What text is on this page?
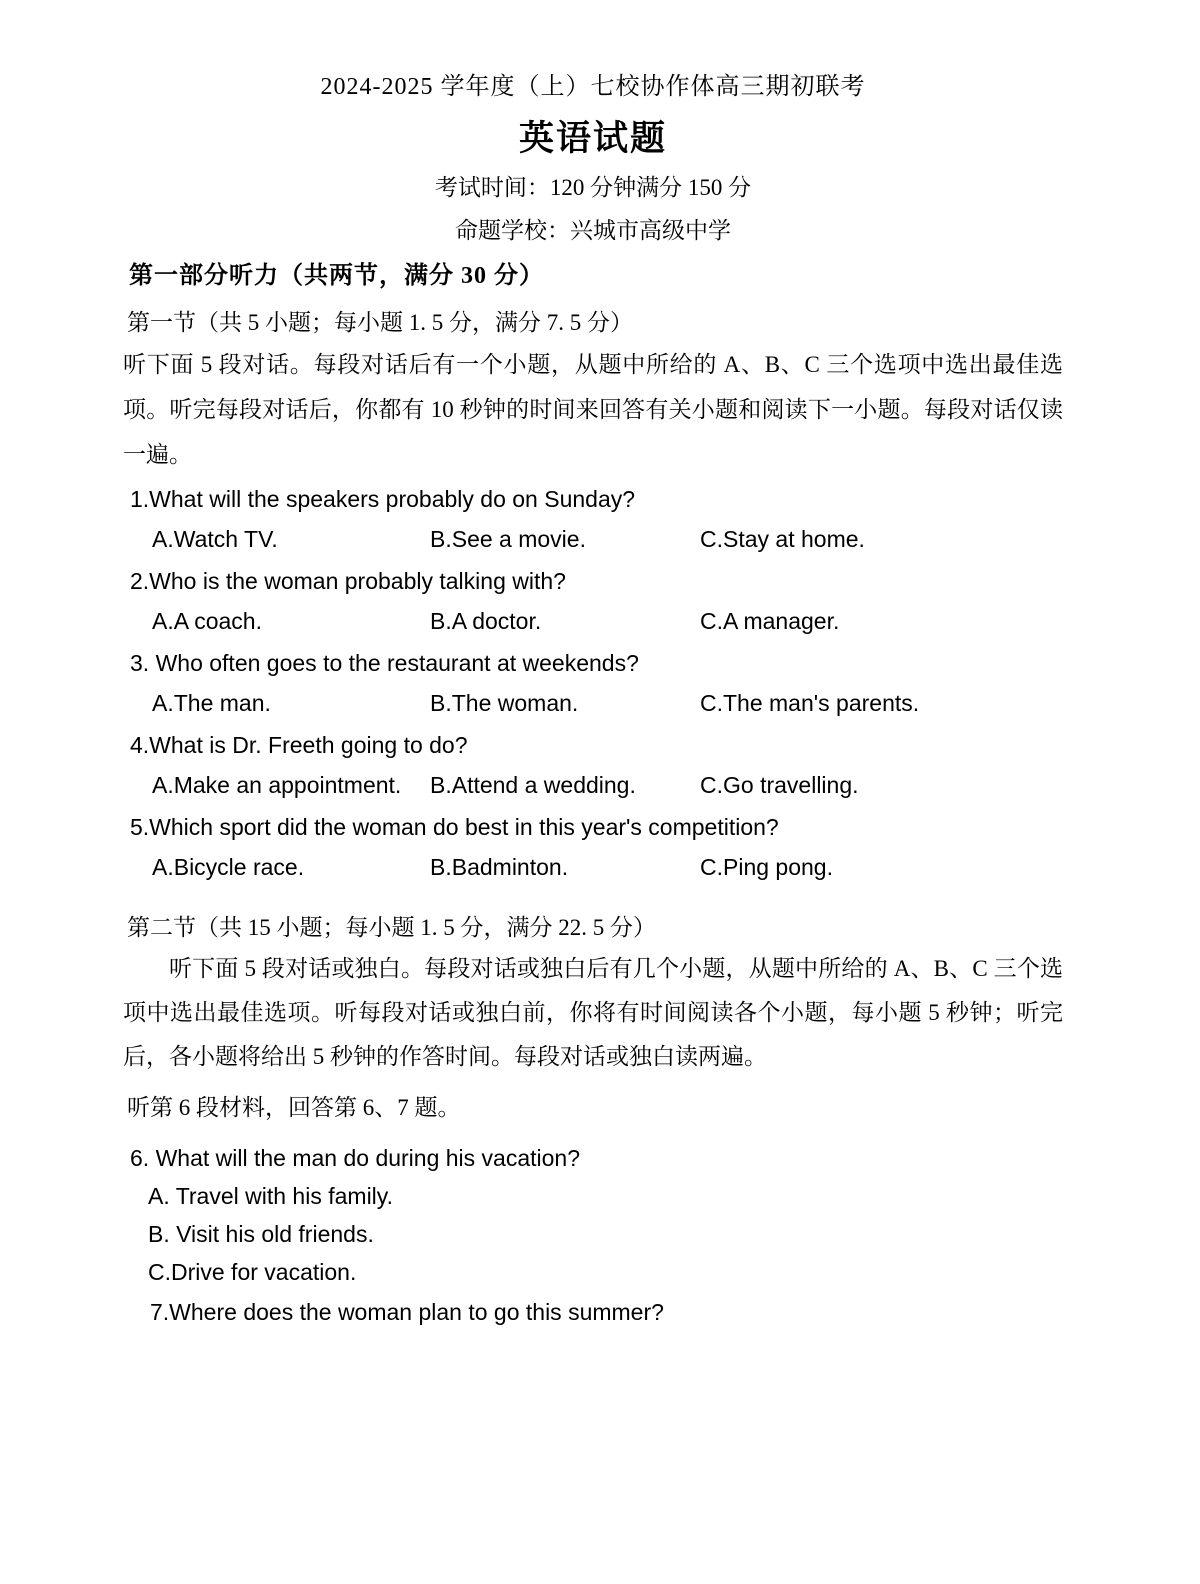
2024-2025 学年度（上）七校协作体高三期初联考
英语试题
考试时间：120 分钟满分 150 分
命题学校：兴城市高级中学
第一部分听力（共两节，满分 30 分）
第一节（共 5 小题；每小题 1. 5 分，满分 7. 5 分）

听下面 5 段对话。每段对话后有一个小题，从题中所给的 A、B、C 三个选项中选出最佳选项。听完每段对话后，你都有 10 秒钟的时间来回答有关小题和阅读下一小题。每段对话仅读一遍。

1.What will the speakers probably do on Sunday?
A.Watch TV.	B.See a movie.	C.Stay at home.
2.Who is the woman probably talking with?
A.A coach.	B.A doctor.	C.A manager.
3. Who often goes to the restaurant at weekends?
A.The man.	B.The woman.	C.The man's parents.
4.What is Dr. Freeth going to do?
A.Make an appointment.	B.Attend a wedding.	C.Go travelling.
5.Which sport did the woman do best in this year's competition?
A.Bicycle race.	B.Badminton.	C.Ping pong.
第二节（共 15 小题；每小题 1. 5 分，满分 22. 5 分）

听下面 5 段对话或独白。每段对话或独白后有几个小题，从题中所给的 A、B、C 三个选项中选出最佳选项。听每段对话或独白前，你将有时间阅读各个小题，每小题 5 秒钟；听完后，各小题将给出 5 秒钟的作答时间。每段对话或独白读两遍。

听第 6 段材料，回答第 6、7 题。
6. What will the man do during his vacation?
A. Travel with his family.
B. Visit his old friends.
C.Drive for vacation.
7.Where does the woman plan to go this summer?
